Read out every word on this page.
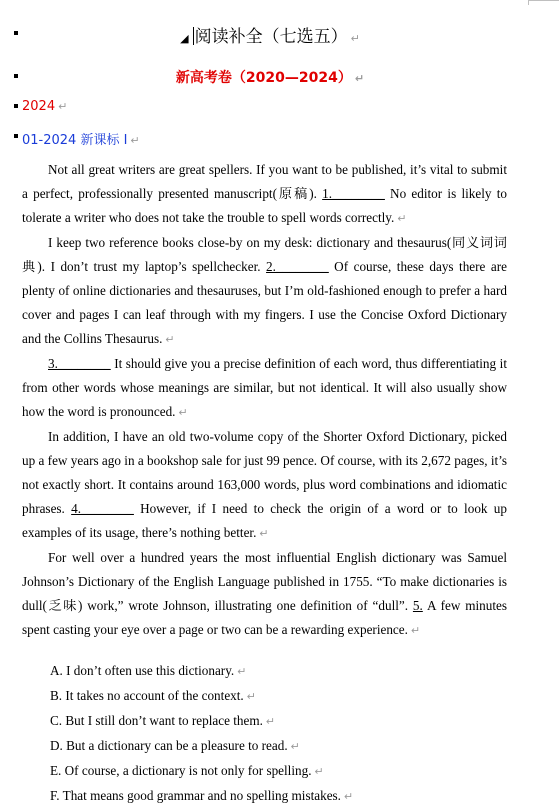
◢ 阅读补全（七选五） ↵
新高考卷（2020—2024） ↵
2024 ↵
01-2024 新课标 I ↵

Not all great writers are great spellers. If you want to be published, it’s vital to submit a perfect, professionally presented manuscript(原稿). 1.________ No editor is likely to tolerate a writer who does not take the trouble to spell words correctly. ↵

I keep two reference books close-by on my desk: dictionary and thesaurus(同义词词典). I don’t trust my laptop’s spellchecker. 2.________ Of course, these days there are plenty of online dictionaries and thesauruses, but I’m old-fashioned enough to prefer a hard cover and pages I can leaf through with my fingers. I use the Concise Oxford Dictionary and the Collins Thesaurus. ↵

3.________ It should give you a precise definition of each word, thus differentiating it from other words whose meanings are similar, but not identical. It will also usually show how the word is pronounced. ↵

In addition, I have an old two-volume copy of the Shorter Oxford Dictionary, picked up a few years ago in a bookshop sale for just 99 pence. Of course, with its 2,672 pages, it’s not exactly short. It contains around 163,000 words, plus word combinations and idiomatic phrases. 4.________ However, if I need to check the origin of a word or to look up examples of its usage, there’s nothing better. ↵

For well over a hundred years the most influential English dictionary was Samuel Johnson’s Dictionary of the English Language published in 1755. “To make dictionaries is dull(乏味) work,” wrote Johnson, illustrating one definition of “dull”. 5. A few minutes spent casting your eye over a page or two can be a rewarding experience. ↵

A. I don’t often use this dictionary. ↵
B. It takes no account of the context. ↵
C. But I still don’t want to replace them. ↵
D. But a dictionary can be a pleasure to read. ↵
E. Of course, a dictionary is not only for spelling. ↵
F. That means good grammar and no spelling mistakes. ↵
